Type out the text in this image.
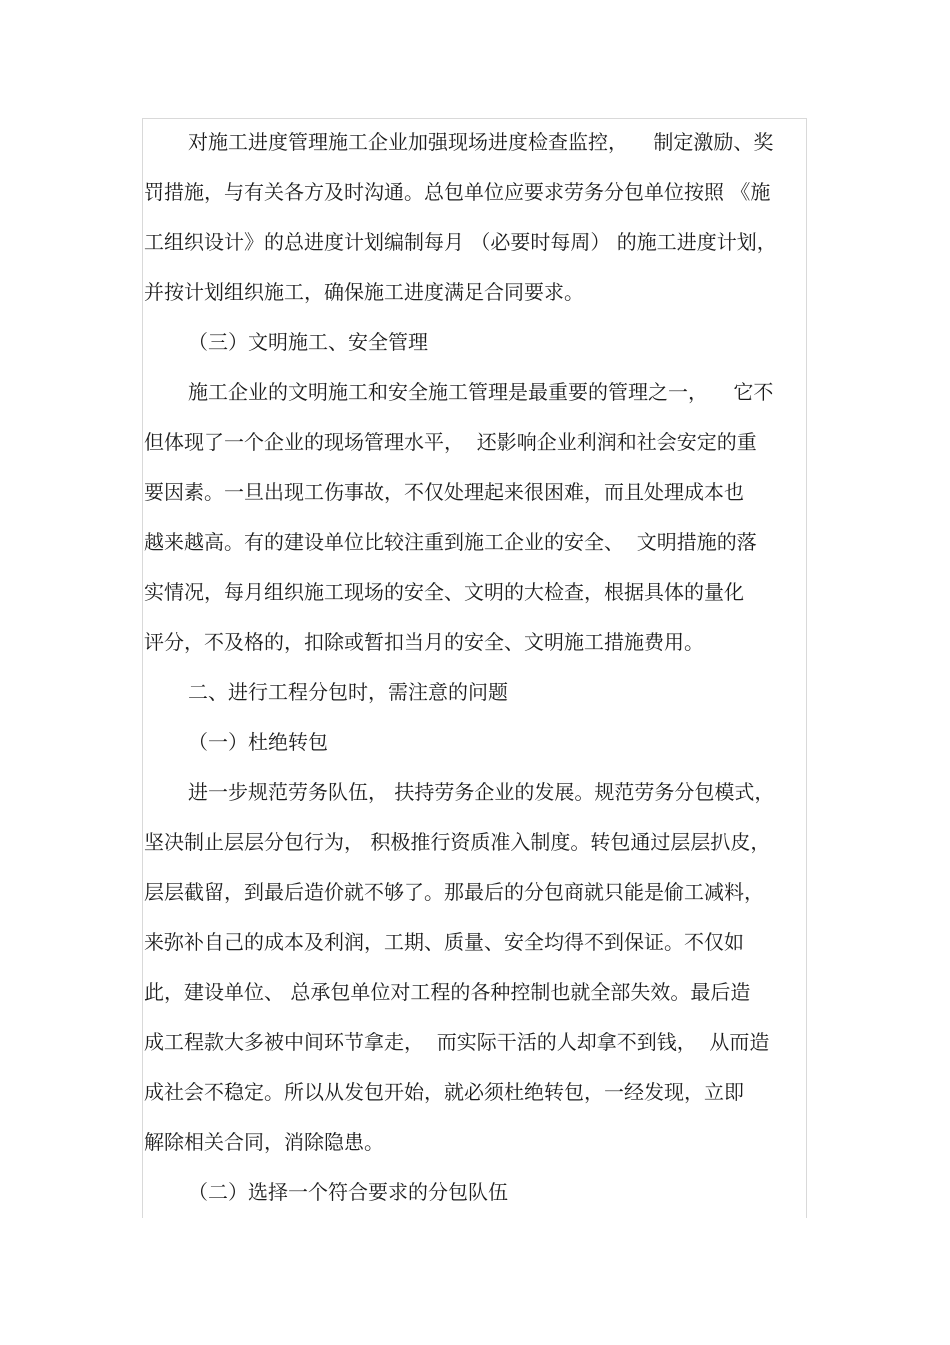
对施工进度管理施工企业加强现场进度检查监控，    制定激励、奖
罚措施，与有关各方及时沟通。总包单位应要求劳务分包单位按照 《施
工组织设计》的总进度计划编制每月 （必要时每周） 的施工进度计划，
并按计划组织施工，确保施工进度满足合同要求。
（三）文明施工、安全管理
施工企业的文明施工和安全施工管理是最重要的管理之一，    它不
但体现了一个企业的现场管理水平，  还影响企业利润和社会安定的重
要因素。一旦出现工伤事故，不仅处理起来很困难，而且处理成本也
越来越高。有的建设单位比较注重到施工企业的安全、  文明措施的落
实情况，每月组织施工现场的安全、文明的大检查，根据具体的量化
评分，不及格的，扣除或暂扣当月的安全、文明施工措施费用。
二、进行工程分包时，需注意的问题
（一）杜绝转包
进一步规范劳务队伍， 扶持劳务企业的发展。规范劳务分包模式，
坚决制止层层分包行为， 积极推行资质准入制度。转包通过层层扒皮，
层层截留，到最后造价就不够了。那最后的分包商就只能是偷工减料，
来弥补自己的成本及利润，工期、质量、安全均得不到保证。不仅如
此，建设单位、 总承包单位对工程的各种控制也就全部失效。最后造
成工程款大多被中间环节拿走，  而实际干活的人却拿不到钱，  从而造
成社会不稳定。所以从发包开始，就必须杜绝转包，一经发现，立即
解除相关合同，消除隐患。
（二）选择一个符合要求的分包队伍
